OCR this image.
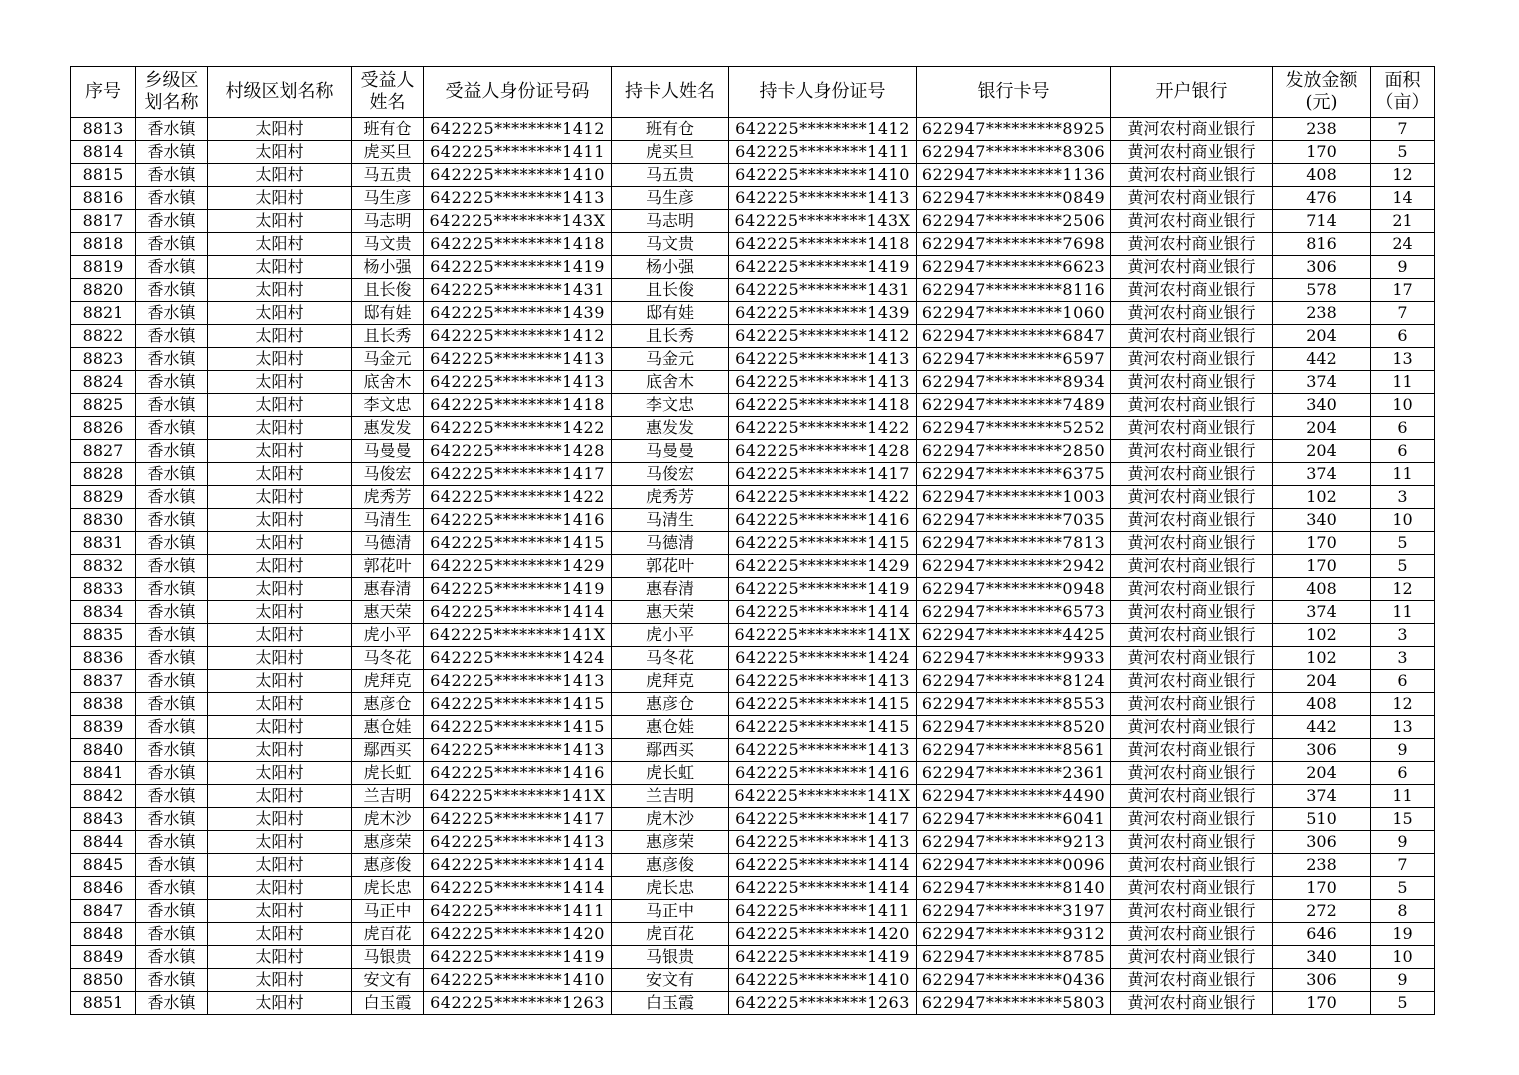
序号	乡级区划名称	村级区划名称	受益人姓名	受益人身份证号码	持卡人姓名	持卡人身份证号	银行卡号	开户银行	发放金额(元)	面积（亩）
8813	香水镇	太阳村	班有仓	642225********1412	班有仓	642225********1412	622947*********8925	黄河农村商业银行	238	7
8814	香水镇	太阳村	虎买旦	642225********1411	虎买旦	642225********1411	622947*********8306	黄河农村商业银行	170	5
8815	香水镇	太阳村	马五贵	642225********1410	马五贵	642225********1410	622947*********1136	黄河农村商业银行	408	12
8816	香水镇	太阳村	马生彦	642225********1413	马生彦	642225********1413	622947*********0849	黄河农村商业银行	476	14
8817	香水镇	太阳村	马志明	642225********143X	马志明	642225********143X	622947*********2506	黄河农村商业银行	714	21
8818	香水镇	太阳村	马文贵	642225********1418	马文贵	642225********1418	622947*********7698	黄河农村商业银行	816	24
8819	香水镇	太阳村	杨小强	642225********1419	杨小强	642225********1419	622947*********6623	黄河农村商业银行	306	9
8820	香水镇	太阳村	且长俊	642225********1431	且长俊	642225********1431	622947*********8116	黄河农村商业银行	578	17
8821	香水镇	太阳村	邸有娃	642225********1439	邸有娃	642225********1439	622947*********1060	黄河农村商业银行	238	7
8822	香水镇	太阳村	且长秀	642225********1412	且长秀	642225********1412	622947*********6847	黄河农村商业银行	204	6
8823	香水镇	太阳村	马金元	642225********1413	马金元	642225********1413	622947*********6597	黄河农村商业银行	442	13
8824	香水镇	太阳村	底舍木	642225********1413	底舍木	642225********1413	622947*********8934	黄河农村商业银行	374	11
8825	香水镇	太阳村	李文忠	642225********1418	李文忠	642225********1418	622947*********7489	黄河农村商业银行	340	10
8826	香水镇	太阳村	惠发发	642225********1422	惠发发	642225********1422	622947*********5252	黄河农村商业银行	204	6
8827	香水镇	太阳村	马曼曼	642225********1428	马曼曼	642225********1428	622947*********2850	黄河农村商业银行	204	6
8828	香水镇	太阳村	马俊宏	642225********1417	马俊宏	642225********1417	622947*********6375	黄河农村商业银行	374	11
8829	香水镇	太阳村	虎秀芳	642225********1422	虎秀芳	642225********1422	622947*********1003	黄河农村商业银行	102	3
8830	香水镇	太阳村	马清生	642225********1416	马清生	642225********1416	622947*********7035	黄河农村商业银行	340	10
8831	香水镇	太阳村	马德清	642225********1415	马德清	642225********1415	622947*********7813	黄河农村商业银行	170	5
8832	香水镇	太阳村	郭花叶	642225********1429	郭花叶	642225********1429	622947*********2942	黄河农村商业银行	170	5
8833	香水镇	太阳村	惠春清	642225********1419	惠春清	642225********1419	622947*********0948	黄河农村商业银行	408	12
8834	香水镇	太阳村	惠天荣	642225********1414	惠天荣	642225********1414	622947*********6573	黄河农村商业银行	374	11
8835	香水镇	太阳村	虎小平	642225********141X	虎小平	642225********141X	622947*********4425	黄河农村商业银行	102	3
8836	香水镇	太阳村	马冬花	642225********1424	马冬花	642225********1424	622947*********9933	黄河农村商业银行	102	3
8837	香水镇	太阳村	虎拜克	642225********1413	虎拜克	642225********1413	622947*********8124	黄河农村商业银行	204	6
8838	香水镇	太阳村	惠彦仓	642225********1415	惠彦仓	642225********1415	622947*********8553	黄河农村商业银行	408	12
8839	香水镇	太阳村	惠仓娃	642225********1415	惠仓娃	642225********1415	622947*********8520	黄河农村商业银行	442	13
8840	香水镇	太阳村	鄢西买	642225********1413	鄢西买	642225********1413	622947*********8561	黄河农村商业银行	306	9
8841	香水镇	太阳村	虎长虹	642225********1416	虎长虹	642225********1416	622947*********2361	黄河农村商业银行	204	6
8842	香水镇	太阳村	兰吉明	642225********141X	兰吉明	642225********141X	622947*********4490	黄河农村商业银行	374	11
8843	香水镇	太阳村	虎木沙	642225********1417	虎木沙	642225********1417	622947*********6041	黄河农村商业银行	510	15
8844	香水镇	太阳村	惠彦荣	642225********1413	惠彦荣	642225********1413	622947*********9213	黄河农村商业银行	306	9
8845	香水镇	太阳村	惠彦俊	642225********1414	惠彦俊	642225********1414	622947*********0096	黄河农村商业银行	238	7
8846	香水镇	太阳村	虎长忠	642225********1414	虎长忠	642225********1414	622947*********8140	黄河农村商业银行	170	5
8847	香水镇	太阳村	马正中	642225********1411	马正中	642225********1411	622947*********3197	黄河农村商业银行	272	8
8848	香水镇	太阳村	虎百花	642225********1420	虎百花	642225********1420	622947*********9312	黄河农村商业银行	646	19
8849	香水镇	太阳村	马银贵	642225********1419	马银贵	642225********1419	622947*********8785	黄河农村商业银行	340	10
8850	香水镇	太阳村	安文有	642225********1410	安文有	642225********1410	622947*********0436	黄河农村商业银行	306	9
8851	香水镇	太阳村	白玉霞	642225********1263	白玉霞	642225********1263	622947*********5803	黄河农村商业银行	170	5
